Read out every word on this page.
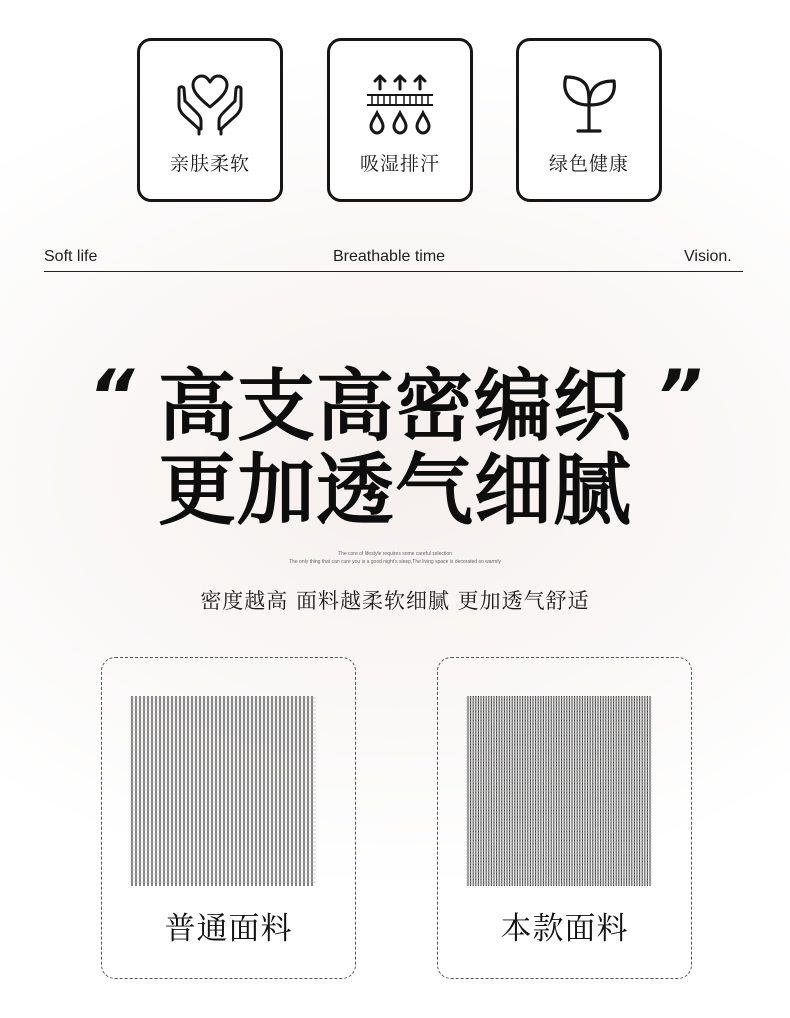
亲肤柔软	吸湿排汗	绿色健康
Soft life	Breathable time	Vision.
“	”
高支高密编织
更加透气细腻
The core of lifestyle requires some careful selection
The only thing that can cure you is a good night's sleep,The living space is decorated so warmly
密度越高 面料越柔软细腻 更加透气舒适
普通面料	本款面料
